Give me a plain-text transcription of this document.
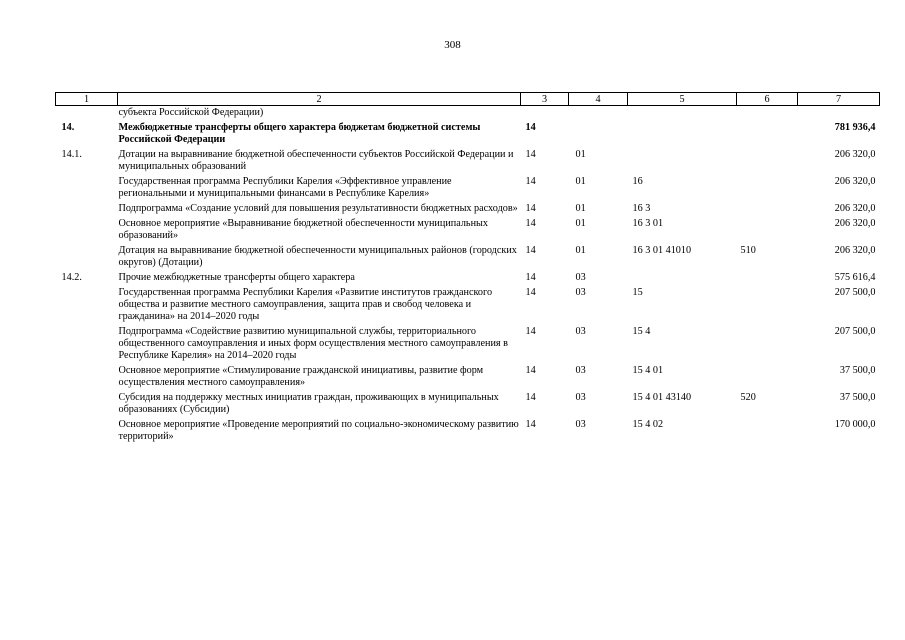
308
1	2	3	4	5	6	7
	субъекта Российской Федерации)					
14.	Межбюджетные трансферты общего характера бюджетам бюджетной системы Российской Федерации	14				781 936,4
14.1.	Дотации на выравнивание бюджетной обеспеченности субъектов Российской Федерации и муниципальных образований	14	01			206 320,0
	Государственная программа Республики Карелия «Эффективное управление региональными и муниципальными финансами в Республике Карелия»	14	01	16		206 320,0
	Подпрограмма «Создание условий для повышения результативности бюджетных расходов»	14	01	16 3		206 320,0
	Основное мероприятие «Выравнивание бюджетной обеспеченности муниципальных образований»	14	01	16 3 01		206 320,0
	Дотация на выравнивание бюджетной обеспеченности муниципальных районов (городских округов) (Дотации)	14	01	16 3 01 41010	510	206 320,0
14.2.	Прочие межбюджетные трансферты общего характера	14	03			575 616,4
	Государственная программа Республики Карелия «Развитие институтов гражданского общества и развитие местного самоуправления, защита прав и свобод человека и гражданина» на 2014–2020 годы	14	03	15		207 500,0
	Подпрограмма «Содействие развитию муниципальной службы, территориального общественного самоуправления и иных форм осуществления местного самоуправления в Республике Карелия» на 2014–2020 годы	14	03	15 4		207 500,0
	Основное мероприятие «Стимулирование гражданской инициативы, развитие форм осуществления местного самоуправления»	14	03	15 4 01		37 500,0
	Субсидия на поддержку местных инициатив граждан, проживающих в муниципальных образованиях (Субсидии)	14	03	15 4 01 43140	520	37 500,0
	Основное мероприятие «Проведение мероприятий по социально-экономическому развитию территорий»	14	03	15 4 02		170 000,0
